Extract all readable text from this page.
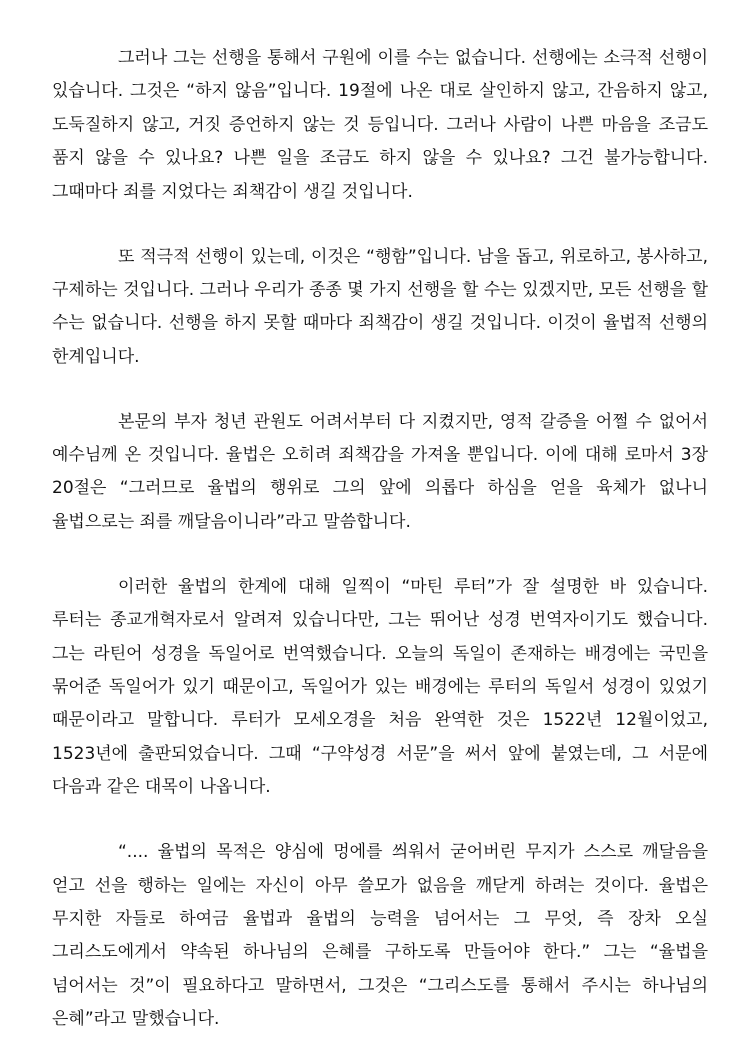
그러나 그는 선행을 통해서 구원에 이를 수는 없습니다. 선행에는 소극적 선행이 있습니다. 그것은 “하지 않음”입니다. 19절에 나온 대로 살인하지 않고, 간음하지 않고, 도둑질하지 않고, 거짓 증언하지 않는 것 등입니다. 그러나 사람이 나쁜 마음을 조금도 품지 않을 수 있나요? 나쁜 일을 조금도 하지 않을 수 있나요? 그건 불가능합니다. 그때마다 죄를 지었다는 죄책감이 생길 것입니다.

또 적극적 선행이 있는데, 이것은 “행함”입니다. 남을 돕고, 위로하고, 봉사하고, 구제하는 것입니다. 그러나 우리가 종종 몇 가지 선행을 할 수는 있겠지만, 모든 선행을 할 수는 없습니다. 선행을 하지 못할 때마다 죄책감이 생길 것입니다. 이것이 율법적 선행의 한계입니다.

본문의 부자 청년 관원도 어려서부터 다 지켰지만, 영적 갈증을 어쩔 수 없어서 예수님께 온 것입니다. 율법은 오히려 죄책감을 가져올 뿐입니다. 이에 대해 로마서 3장 20절은 “그러므로 율법의 행위로 그의 앞에 의롭다 하심을 얻을 육체가 없나니 율법으로는 죄를 깨달음이니라”라고 말씀합니다.

이러한 율법의 한계에 대해 일찍이 “마틴 루터”가 잘 설명한 바 있습니다. 루터는 종교개혁자로서 알려져 있습니다만, 그는 뛰어난 성경 번역자이기도 했습니다. 그는 라틴어 성경을 독일어로 번역했습니다. 오늘의 독일이 존재하는 배경에는 국민을 묶어준 독일어가 있기 때문이고, 독일어가 있는 배경에는 루터의 독일서 성경이 있었기 때문이라고 말합니다. 루터가 모세오경을 처음 완역한 것은 1522년 12월이었고, 1523년에 출판되었습니다. 그때 “구약성경 서문”을 써서 앞에 붙였는데, 그 서문에 다음과 같은 대목이 나옵니다.

“.... 율법의 목적은 양심에 멍에를 씌워서 굳어버린 무지가 스스로 깨달음을 얻고 선을 행하는 일에는 자신이 아무 쓸모가 없음을 깨닫게 하려는 것이다. 율법은 무지한 자들로 하여금 율법과 율법의 능력을 넘어서는 그 무엇, 즉 장차 오실 그리스도에게서 약속된 하나님의 은혜를 구하도록 만들어야 한다.” 그는 “율법을 넘어서는 것”이 필요하다고 말하면서, 그것은 “그리스도를 통해서 주시는 하나님의 은혜”라고 말했습니다.
